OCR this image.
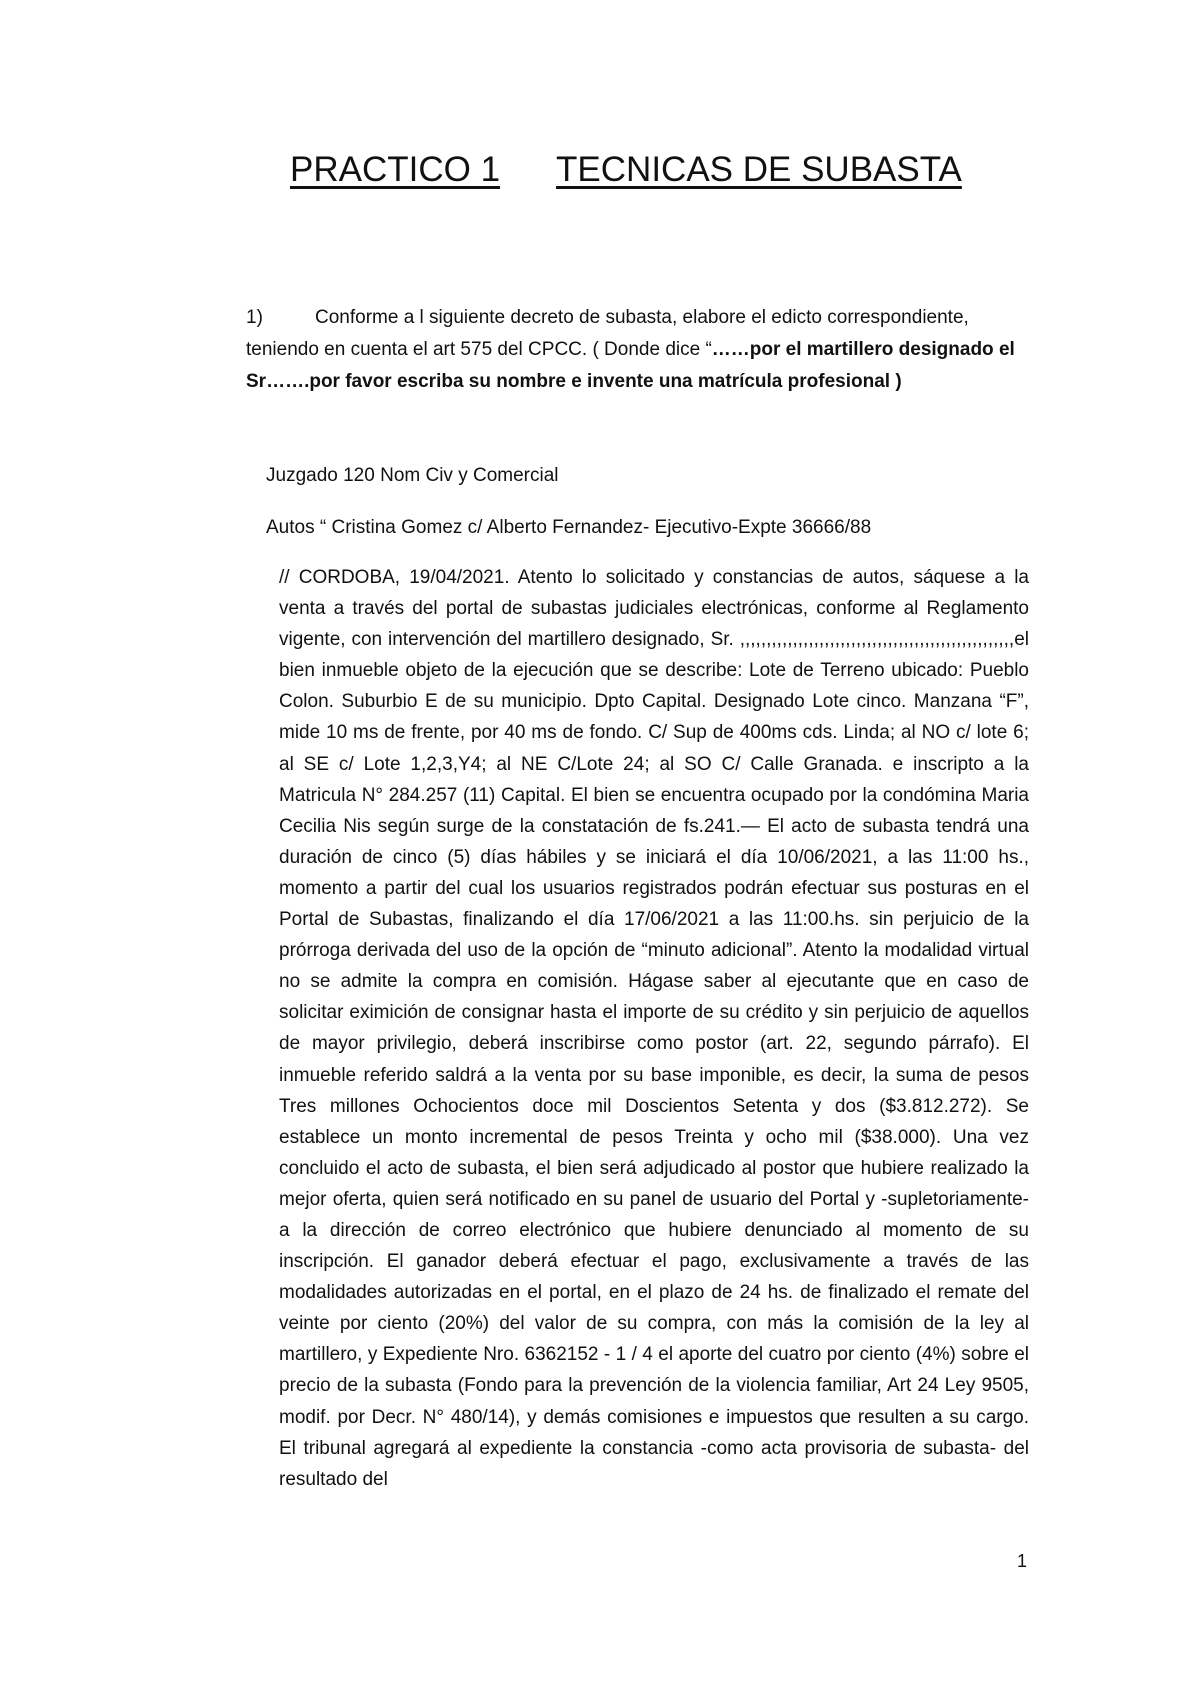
PRACTICO 1 TECNICAS DE SUBASTA
1)	Conforme a l siguiente decreto de subasta, elabore el edicto correspondiente, teniendo en cuenta el art 575 del CPCC. ( Donde dice “……por el martillero designado el Sr…….por favor escriba su nombre e invente una matrícula profesional )
Juzgado 120 Nom Civ y Comercial
Autos “ Cristina Gomez c/ Alberto Fernandez- Ejecutivo-Expte 36666/88
// CORDOBA, 19/04/2021. Atento lo solicitado y constancias de autos, sáquese a la venta a través del portal de subastas judiciales electrónicas, conforme al Reglamento vigente, con intervención del martillero designado, Sr. ,,,,,,,,,,,,,,,,,,,,,,,,,,,,,,,,,,,,,,,,,,,,,,,,,,,,el bien inmueble objeto de la ejecución que se describe: Lote de Terreno ubicado: Pueblo Colon. Suburbio E de su municipio. Dpto Capital. Designado Lote cinco. Manzana “F”, mide 10 ms de frente, por 40 ms de fondo. C/ Sup de 400ms cds. Linda; al NO c/ lote 6; al SE c/ Lote 1,2,3,Y4; al NE C/Lote 24; al SO C/ Calle Granada. e inscripto a la Matricula N° 284.257 (11) Capital. El bien se encuentra ocupado por la condómina Maria Cecilia Nis según surge de la constatación de fs.241.— El acto de subasta tendrá una duración de cinco (5) días hábiles y se iniciará el día 10/06/2021, a las 11:00 hs., momento a partir del cual los usuarios registrados podrán efectuar sus posturas en el Portal de Subastas, finalizando el día 17/06/2021 a las 11:00.hs. sin perjuicio de la prórroga derivada del uso de la opción de “minuto adicional”. Atento la modalidad virtual no se admite la compra en comisión. Hágase saber al ejecutante que en caso de solicitar eximición de consignar hasta el importe de su crédito y sin perjuicio de aquellos de mayor privilegio, deberá inscribirse como postor (art. 22, segundo párrafo). El inmueble referido saldrá a la venta por su base imponible, es decir, la suma de pesos Tres millones Ochocientos doce mil Doscientos Setenta y dos ($3.812.272). Se establece un monto incremental de pesos Treinta y ocho mil ($38.000). Una vez concluido el acto de subasta, el bien será adjudicado al postor que hubiere realizado la mejor oferta, quien será notificado en su panel de usuario del Portal y -supletoriamente- a la dirección de correo electrónico que hubiere denunciado al momento de su inscripción. El ganador deberá efectuar el pago, exclusivamente a través de las modalidades autorizadas en el portal, en el plazo de 24 hs. de finalizado el remate del veinte por ciento (20%) del valor de su compra, con más la comisión de la ley al martillero, y Expediente Nro. 6362152 - 1 / 4 el aporte del cuatro por ciento (4%) sobre el precio de la subasta (Fondo para la prevención de la violencia familiar, Art 24 Ley 9505, modif. por Decr. N° 480/14), y demás comisiones e impuestos que resulten a su cargo. El tribunal agregará al expediente la constancia -como acta provisoria de subasta- del resultado del
1
